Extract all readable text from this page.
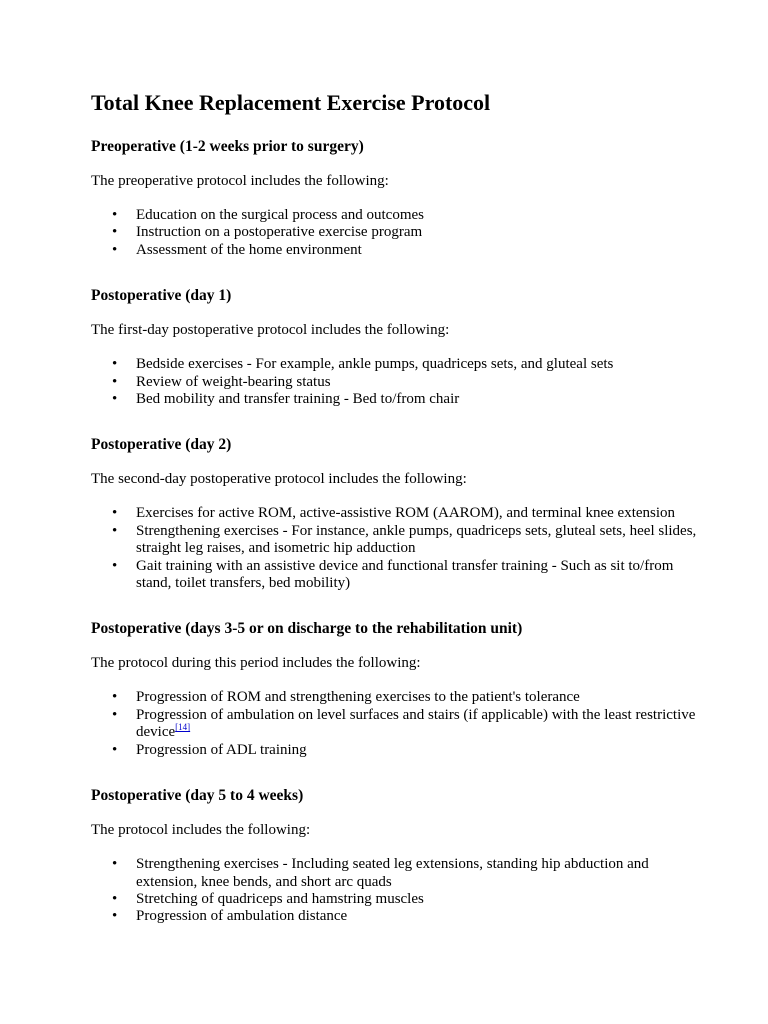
Total Knee Replacement Exercise Protocol
Preoperative (1-2 weeks prior to surgery)

The preoperative protocol includes the following:

• Education on the surgical process and outcomes
• Instruction on a postoperative exercise program
• Assessment of the home environment
Postoperative (day 1)

The first-day postoperative protocol includes the following:

• Bedside exercises - For example, ankle pumps, quadriceps sets, and gluteal sets
• Review of weight-bearing status
• Bed mobility and transfer training - Bed to/from chair
Postoperative (day 2)

The second-day postoperative protocol includes the following:

• Exercises for active ROM, active-assistive ROM (AAROM), and terminal knee extension
• Strengthening exercises - For instance, ankle pumps, quadriceps sets, gluteal sets, heel slides, straight leg raises, and isometric hip adduction
• Gait training with an assistive device and functional transfer training - Such as sit to/from stand, toilet transfers, bed mobility)
Postoperative (days 3-5 or on discharge to the rehabilitation unit)

The protocol during this period includes the following:

• Progression of ROM and strengthening exercises to the patient's tolerance
• Progression of ambulation on level surfaces and stairs (if applicable) with the least restrictive device[14]
• Progression of ADL training
Postoperative (day 5 to 4 weeks)

The protocol includes the following:

• Strengthening exercises - Including seated leg extensions, standing hip abduction and extension, knee bends, and short arc quads
• Stretching of quadriceps and hamstring muscles
• Progression of ambulation distance
